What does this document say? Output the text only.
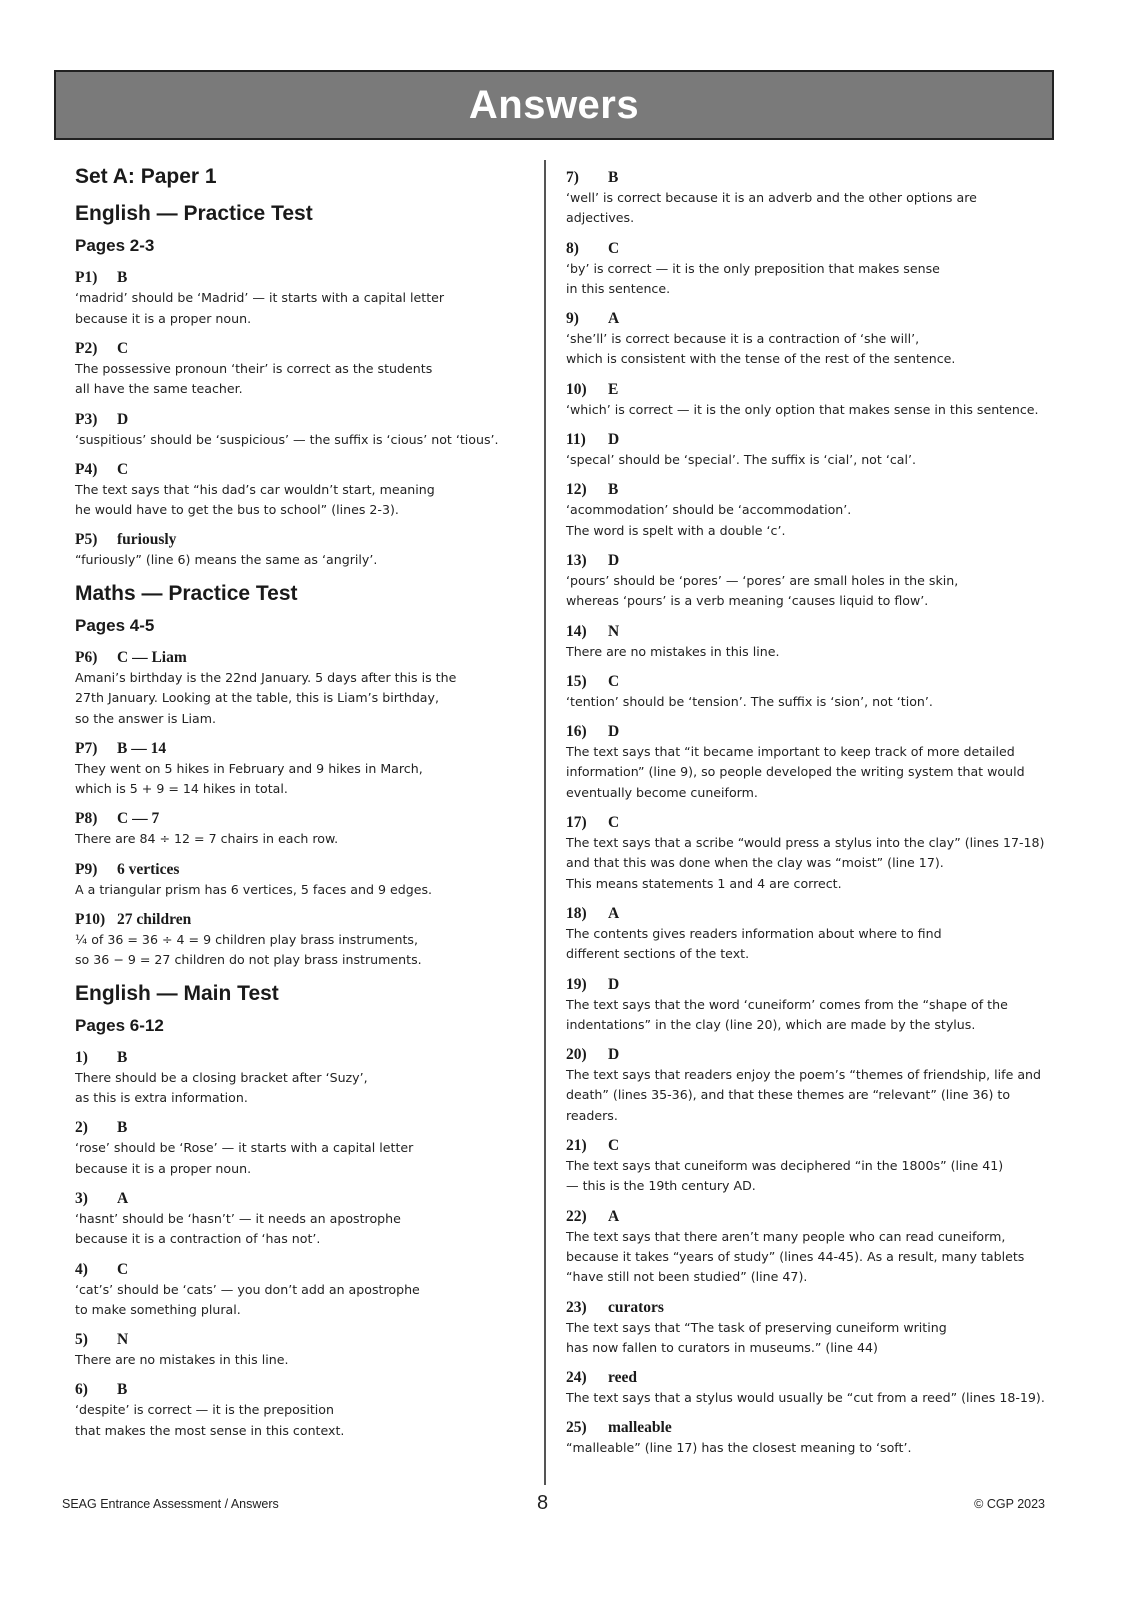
Answers
Set A: Paper 1
English — Practice Test
Pages 2-3
P1)	B
‘madrid’ should be ‘Madrid’ — it starts with a capital letter
because it is a proper noun.
P2)	C
The possessive pronoun ‘their’ is correct as the students
all have the same teacher.
P3)	D
‘suspitious’ should be ‘suspicious’ — the suffix is ‘cious’ not ‘tious’.
P4)	C
The text says that “his dad’s car wouldn’t start, meaning
he would have to get the bus to school” (lines 2-3).
P5)	furiously
“furiously” (line 6) means the same as ‘angrily’.
Maths — Practice Test
Pages 4-5
P6)	C — Liam
Amani’s birthday is the 22nd January. 5 days after this is the
27th January. Looking at the table, this is Liam’s birthday,
so the answer is Liam.
P7)	B — 14
They went on 5 hikes in February and 9 hikes in March,
which is 5 + 9 = 14 hikes in total.
P8)	C — 7
There are 84 ÷ 12 = 7 chairs in each row.
P9)	6 vertices
A a triangular prism has 6 vertices, 5 faces and 9 edges.
P10) 27 children
¼ of 36 = 36 ÷ 4 = 9 children play brass instruments,
so 36 − 9 = 27 children do not play brass instruments.
English — Main Test
Pages 6-12
1)	B
There should be a closing bracket after ‘Suzy’,
as this is extra information.
2)	B
‘rose’ should be ‘Rose’ — it starts with a capital letter
because it is a proper noun.
3)	A
‘hasnt’ should be ‘hasn’t’ — it needs an apostrophe
because it is a contraction of ‘has not’.
4)	C
‘cat’s’ should be ‘cats’ — you don’t add an apostrophe
to make something plural.
5)	N
There are no mistakes in this line.
6)	B
‘despite’ is correct — it is the preposition
that makes the most sense in this context.
7)	B
‘well’ is correct because it is an adverb and the other options are adjectives.
8)	C
‘by’ is correct — it is the only preposition that makes sense
in this sentence.
9)	A
‘she’ll’ is correct because it is a contraction of ‘she will’,
which is consistent with the tense of the rest of the sentence.
10)	E
‘which’ is correct — it is the only option that makes sense in this sentence.
11)	D
‘specal’ should be ‘special’. The suffix is ‘cial’, not ‘cal’.
12)	B
‘acommodation’ should be ‘accommodation’.
The word is spelt with a double ‘c’.
13)	D
‘pours’ should be ‘pores’ — ‘pores’ are small holes in the skin,
whereas ‘pours’ is a verb meaning ‘causes liquid to flow’.
14)	N
There are no mistakes in this line.
15)	C
‘tention’ should be ‘tension’. The suffix is ‘sion’, not ‘tion’.
16)	D
The text says that “it became important to keep track of more detailed
information” (line 9), so people developed the writing system that would
eventually become cuneiform.
17)	C
The text says that a scribe “would press a stylus into the clay” (lines 17-18)
and that this was done when the clay was “moist” (line 17).
This means statements 1 and 4 are correct.
18)	A
The contents gives readers information about where to find
different sections of the text.
19)	D
The text says that the word ‘cuneiform’ comes from the “shape of the
indentations” in the clay (line 20), which are made by the stylus.
20)	D
The text says that readers enjoy the poem’s “themes of friendship, life and
death” (lines 35-36), and that these themes are “relevant” (line 36) to
readers.
21)	C
The text says that cuneiform was deciphered “in the 1800s” (line 41)
— this is the 19th century AD.
22)	A
The text says that there aren’t many people who can read cuneiform,
because it takes “years of study” (lines 44-45). As a result, many tablets
“have still not been studied” (line 47).
23)	curators
The text says that “The task of preserving cuneiform writing
has now fallen to curators in museums.” (line 44)
24)	reed
The text says that a stylus would usually be “cut from a reed” (lines 18-19).
25)	malleable
“malleable” (line 17) has the closest meaning to ‘soft’.
SEAG Entrance Assessment / Answers	8	© CGP 2023
